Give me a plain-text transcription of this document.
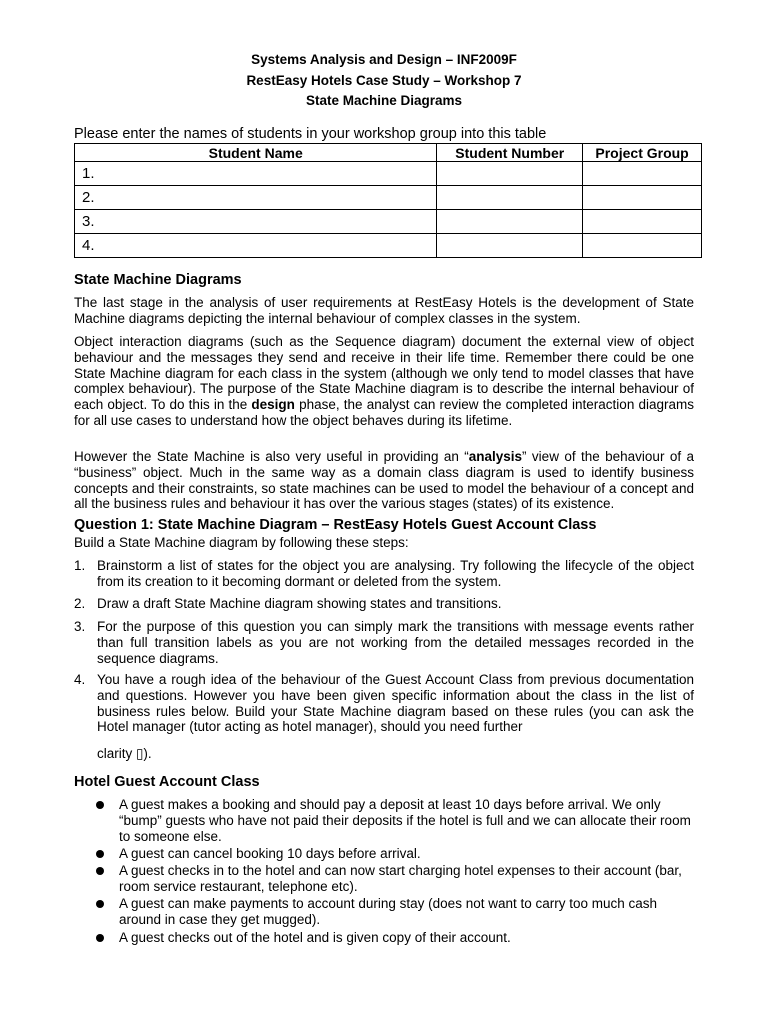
Systems Analysis and Design – INF2009F
RestEasy Hotels Case Study – Workshop 7
State Machine Diagrams
Please enter the names of students in your workshop group into this table
Student Name	Student Number	Project Group
1.		
2.		
3.		
4.		
State Machine Diagrams
The last stage in the analysis of user requirements at RestEasy Hotels is the development of State Machine diagrams depicting the internal behaviour of complex classes in the system.
Object interaction diagrams (such as the Sequence diagram) document the external view of object behaviour and the messages they send and receive in their life time. Remember there could be one State Machine diagram for each class in the system (although we only tend to model classes that have complex behaviour). The purpose of the State Machine diagram is to describe the internal behaviour of each object. To do this in the design phase, the analyst can review the completed interaction diagrams for all use cases to understand how the object behaves during its lifetime.
However the State Machine is also very useful in providing an “analysis” view of the behaviour of a “business” object. Much in the same way as a domain class diagram is used to identify business concepts and their constraints, so state machines can be used to model the behaviour of a concept and all the business rules and behaviour it has over the various stages (states) of its existence.
Question 1: State Machine Diagram – RestEasy Hotels Guest Account Class
Build a State Machine diagram by following these steps:
1. Brainstorm a list of states for the object you are analysing. Try following the lifecycle of the object from its creation to it becoming dormant or deleted from the system.
2. Draw a draft State Machine diagram showing states and transitions.
3. For the purpose of this question you can simply mark the transitions with message events rather than full transition labels as you are not working from the detailed messages recorded in the sequence diagrams.
4. You have a rough idea of the behaviour of the Guest Account Class from previous documentation and questions. However you have been given specific information about the class in the list of business rules below. Build your State Machine diagram based on these rules (you can ask the Hotel manager (tutor acting as hotel manager), should you need further
clarity ▯).
Hotel Guest Account Class
A guest makes a booking and should pay a deposit at least 10 days before arrival. We only “bump” guests who have not paid their deposits if the hotel is full and we can allocate their room to someone else.
A guest can cancel booking 10 days before arrival.
A guest checks in to the hotel and can now start charging hotel expenses to their account (bar, room service restaurant, telephone etc).
A guest can make payments to account during stay (does not want to carry too much cash around in case they get mugged).
A guest checks out of the hotel and is given copy of their account.
